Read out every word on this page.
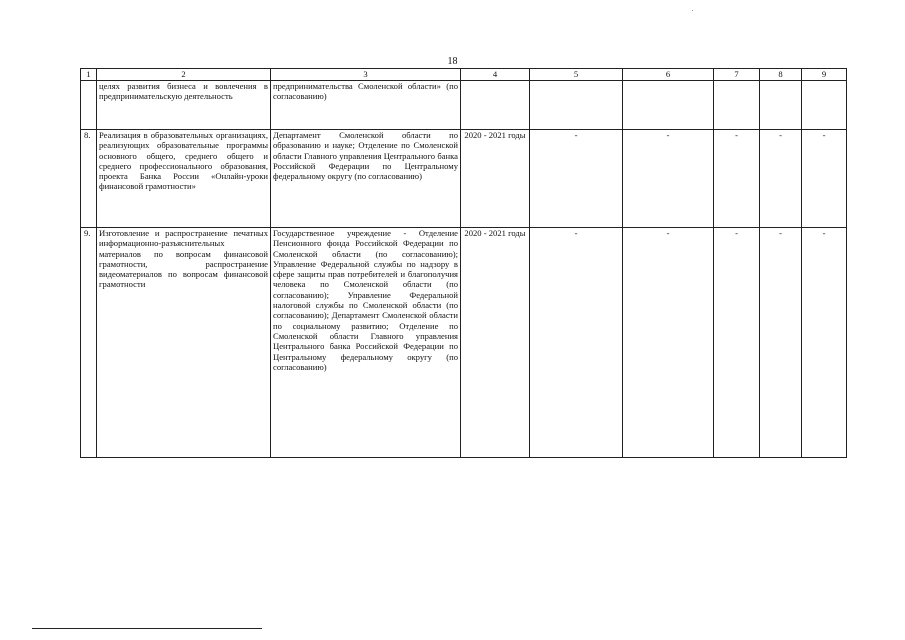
18
1	2	3	4	5	6	7	8	9
	целях развития бизнеса и вовлечения в предпринимательскую деятельность	предпринимательства Смоленской области» (по согласованию)						
8.	Реализация в образовательных организациях, реализующих образовательные программы основного общего, среднего общего и среднего профессионального образования, проекта Банка России «Онлайн-уроки финансовой грамотности»	Департамент Смоленской области по образованию и науке; Отделение по Смоленской области Главного управления Центрального банка Российской Федерации по Центральному федеральному округу (по согласованию)	2020 - 2021 годы	-	-	-	-	-
9.	Изготовление и распространение печатных информационно-разъяснительных материалов по вопросам финансовой грамотности, распространение видеоматериалов по вопросам финансовой грамотности	Государственное учреждение - Отделение Пенсионного фонда Российской Федерации по Смоленской области (по согласованию); Управление Федеральной службы по надзору в сфере защиты прав потребителей и благополучия человека по Смоленской области (по согласованию); Управление Федеральной налоговой службы по Смоленской области (по согласованию); Департамент Смоленской области по социальному развитию; Отделение по Смоленской области Главного управления Центрального банка Российской Федерации по Центральному федеральному округу (по согласованию)	2020 - 2021 годы	-	-	-	-	-
